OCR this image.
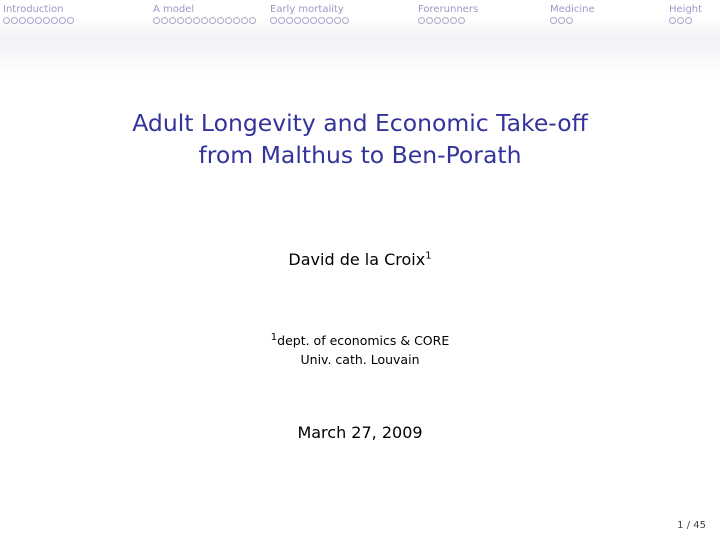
Introduction	A model	Early mortality	Forerunners	Medicine	Height
Adult Longevity and Economic Take-off
from Malthus to Ben-Porath
David de la Croix$^1$
$^1$dept. of economics & CORE
Univ. cath. Louvain
March 27, 2009
1 / 45
